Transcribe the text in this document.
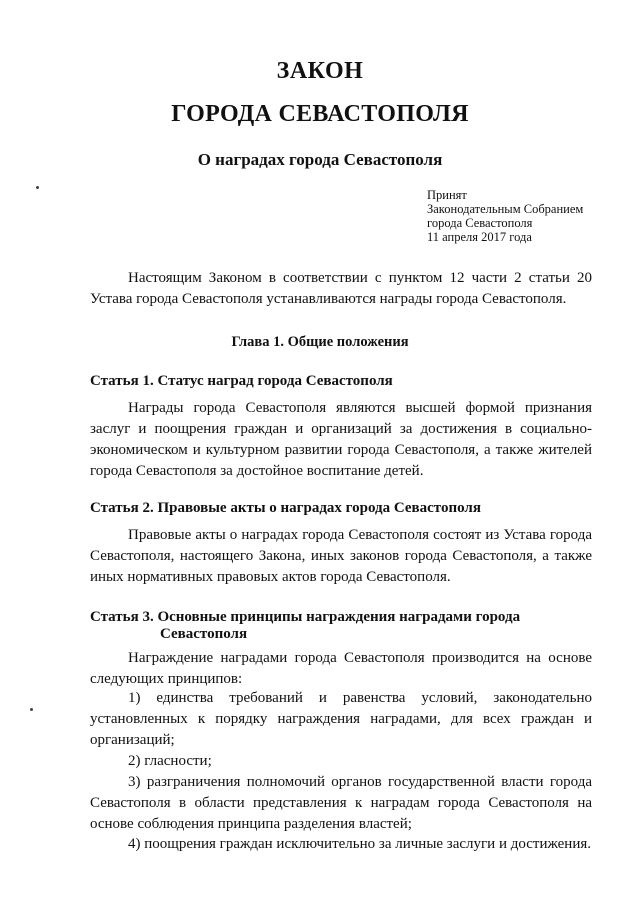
ЗАКОН
ГОРОДА СЕВАСТОПОЛЯ
О наградах города Севастополя
Принят
Законодательным Собранием
города Севастополя
11 апреля 2017 года

Настоящим Законом в соответствии с пунктом 12 части 2 статьи 20 Устава города Севастополя устанавливаются награды города Севастополя.

Глава 1. Общие положения
Статья 1. Статус наград города Севастополя

Награды города Севастополя являются высшей формой признания заслуг и поощрения граждан и организаций за достижения в социально-экономическом и культурном развитии города Севастополя, а также жителей города Севастополя за достойное воспитание детей.

Статья 2. Правовые акты о наградах города Севастополя

Правовые акты о наградах города Севастополя состоят из Устава города Севастополя, настоящего Закона, иных законов города Севастополя, а также иных нормативных правовых актов города Севастополя.

Статья 3. Основные принципы награждения наградами города
Севастополя

Награждение наградами города Севастополя производится на основе следующих принципов:

1) единства требований и равенства условий, законодательно установленных к порядку награждения наградами, для всех граждан и организаций;

2) гласности;

3) разграничения полномочий органов государственной власти города Севастополя в области представления к наградам города Севастополя на основе соблюдения принципа разделения властей;

4) поощрения граждан исключительно за личные заслуги и достижения.
